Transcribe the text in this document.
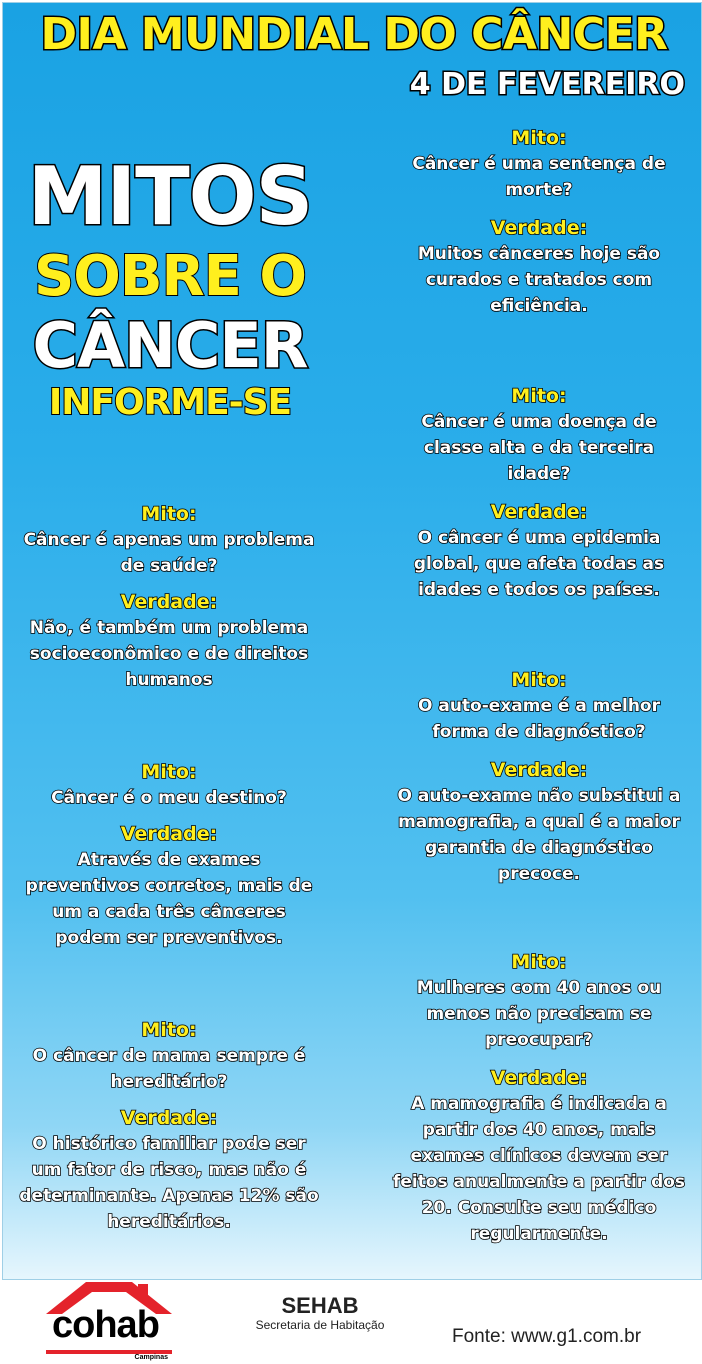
DIA MUNDIAL DO CÂNCER
4 DE FEVEREIRO
MITOS
SOBRE O
CÂNCER
INFORME-SE
Mito:

Câncer é apenas um problema de saúde?

Verdade:

Não, é também um problema socioeconômico e de direitos humanos

Mito:

Câncer é o meu destino?

Verdade:

Através de exames preventivos corretos, mais de um a cada três cânceres podem ser preventivos.

Mito:

O câncer de mama sempre é hereditário?

Verdade:

O histórico familiar pode ser um fator de risco, mas não é determinante. Apenas 12% são hereditários.

Mito:

Câncer é uma sentença de morte?

Verdade:

Muitos cânceres hoje são curados e tratados com eficiência.

Mito:

Câncer é uma doença de classe alta e da terceira idade?

Verdade:

O câncer é uma epidemia global, que afeta todas as idades e todos os países.

Mito:

O auto-exame é a melhor forma de diagnóstico?

Verdade:

O auto-exame não substitui a mamografia, a qual é a maior garantia de diagnóstico precoce.

Mito:

Mulheres com 40 anos ou menos não precisam se preocupar?

Verdade:

A mamografia é indicada a partir dos 40 anos, mais exames clínicos devem ser feitos anualmente a partir dos 20. Consulte seu médico regularmente.

cohab
Campinas
SEHAB
Secretaria de Habitação
Fonte: www.g1.com.br
